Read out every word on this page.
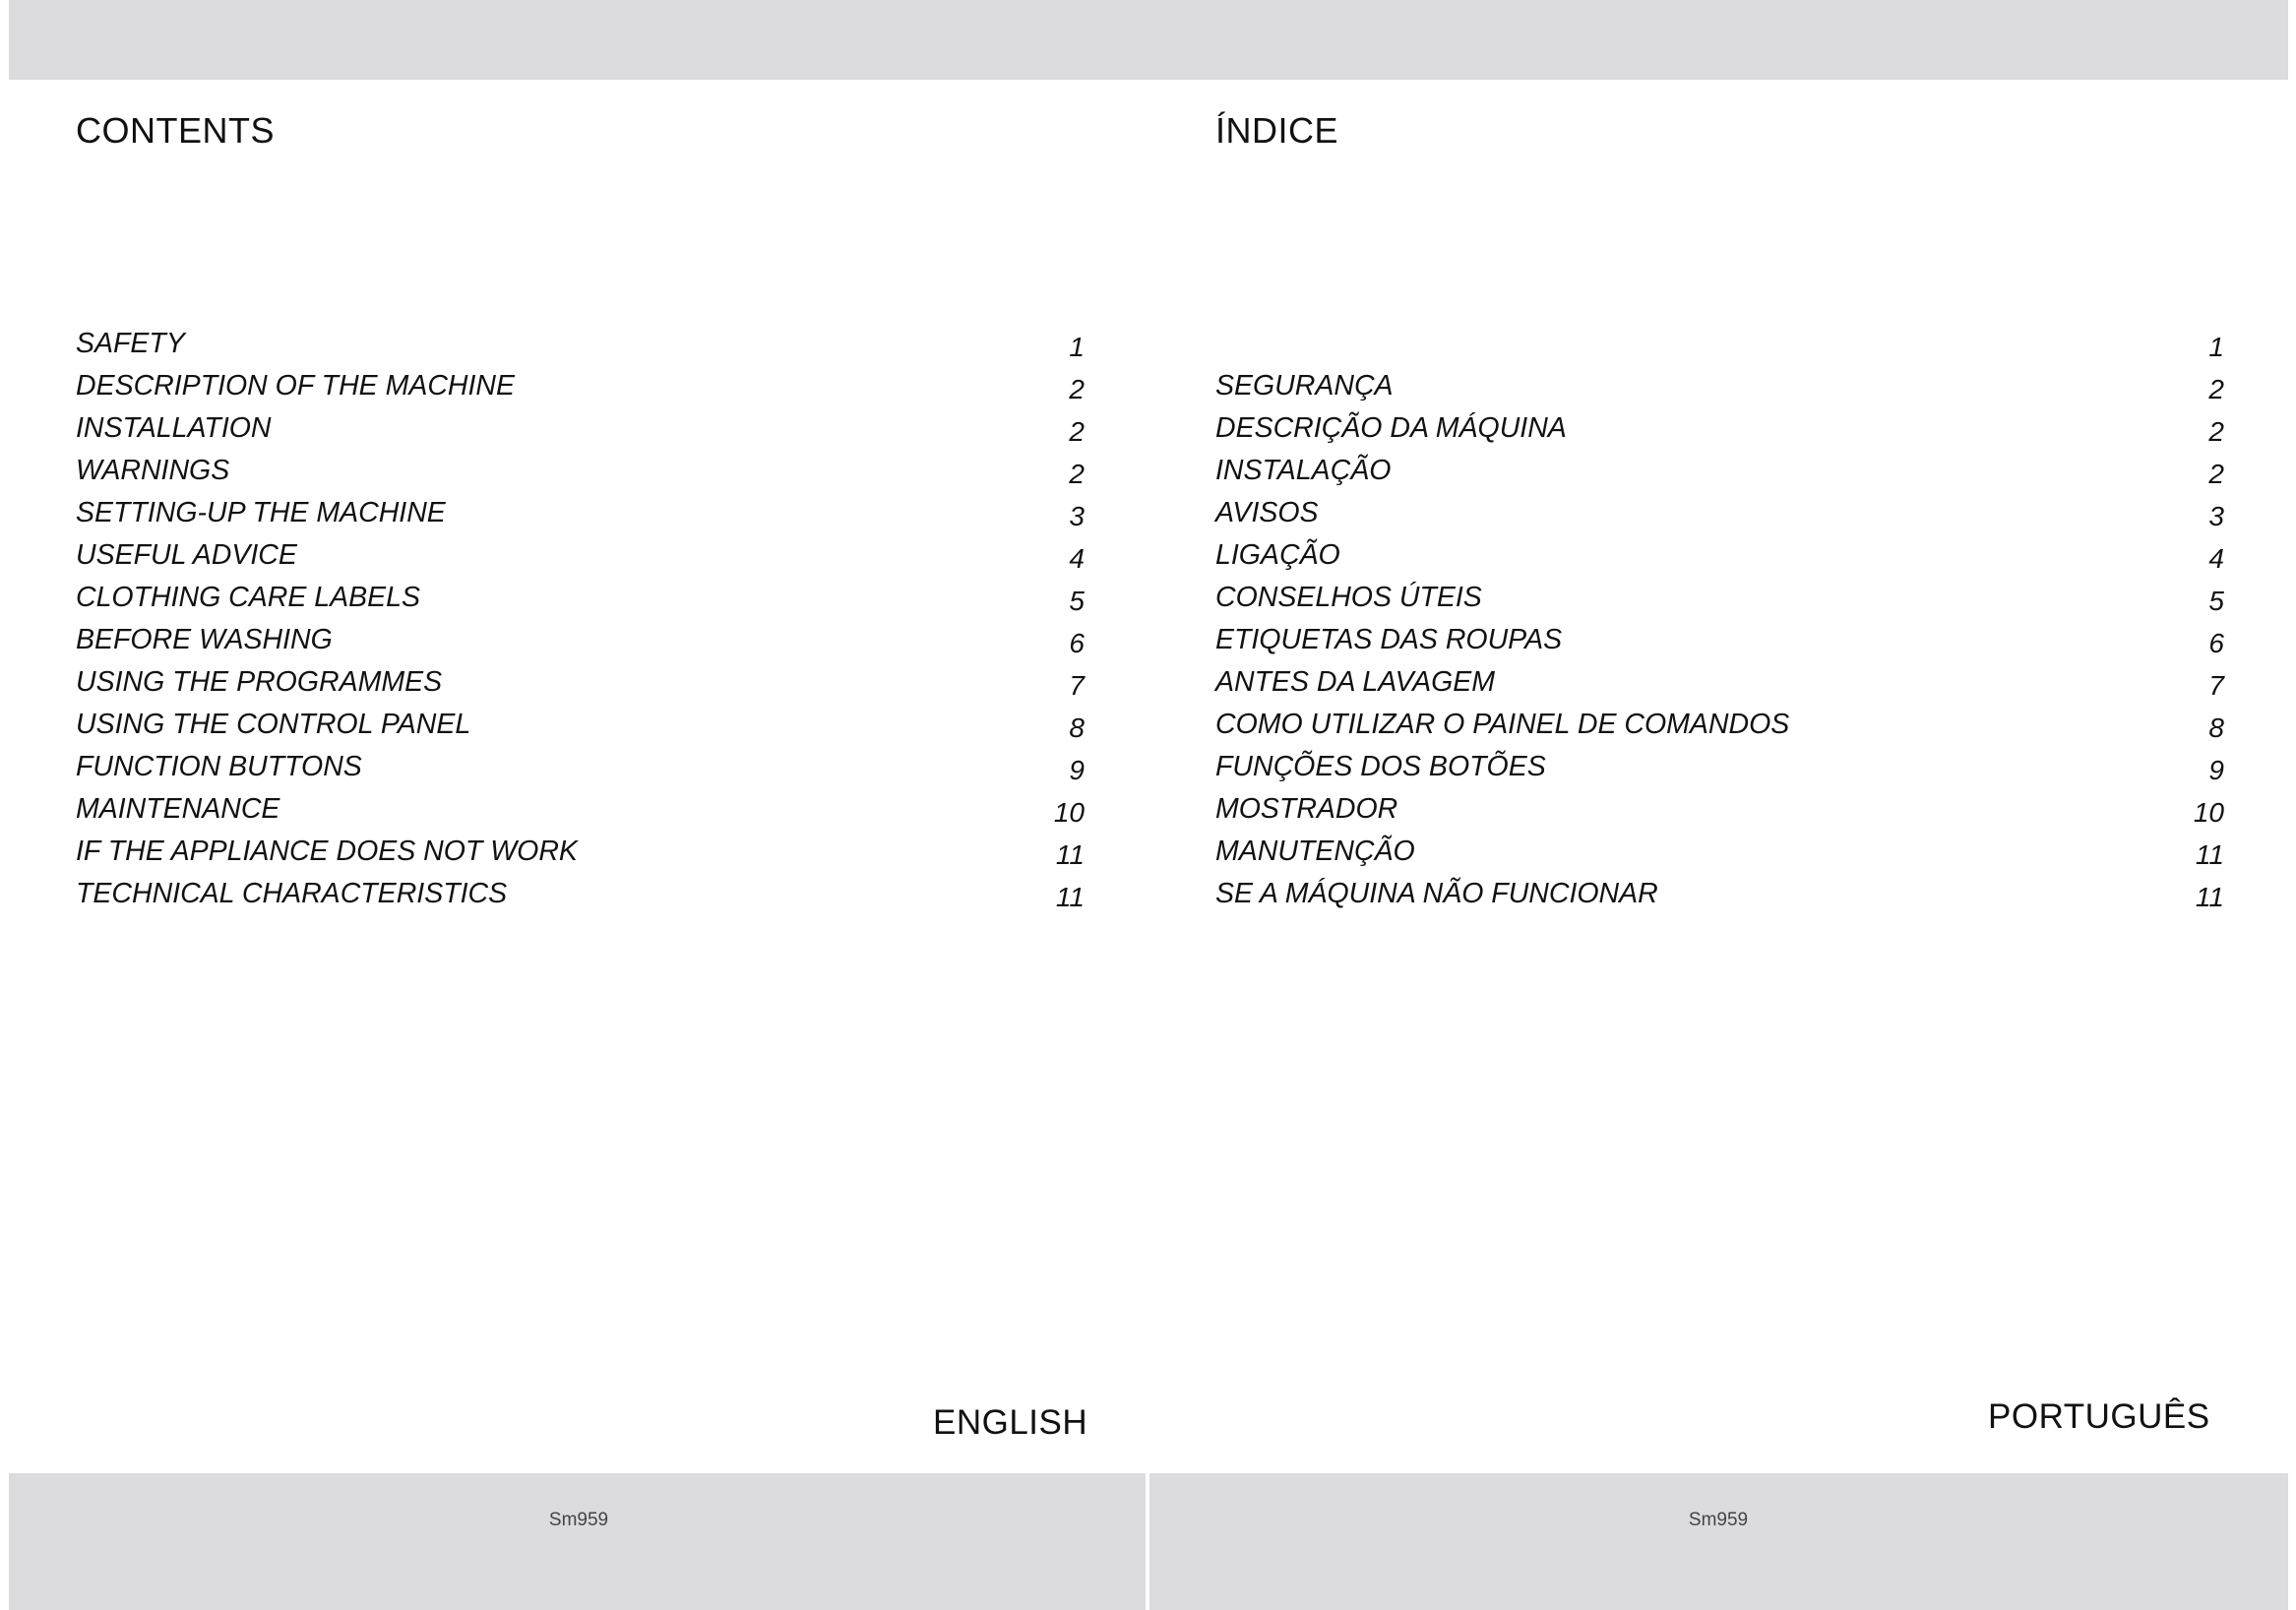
CONTENTS
SAFETY	1
DESCRIPTION OF THE MACHINE	2
INSTALLATION	2
WARNINGS	2
SETTING-UP THE MACHINE	3
USEFUL ADVICE	4
CLOTHING CARE LABELS	5
BEFORE WASHING	6
USING THE PROGRAMMES	7
USING THE CONTROL PANEL	8
FUNCTION BUTTONS	9
MAINTENANCE	10
IF THE APPLIANCE DOES NOT WORK	11
TECHNICAL CHARACTERISTICS	11
ENGLISH
ÍNDICE
1
SEGURANÇA	2
DESCRIÇÃO DA MÁQUINA	2
INSTALAÇÃO	2
AVISOS	3
LIGAÇÃO	4
CONSELHOS ÚTEIS	5
ETIQUETAS DAS ROUPAS	6
ANTES DA LAVAGEM	7
COMO UTILIZAR O PAINEL DE COMANDOS	8
FUNÇÕES DOS BOTÕES	9
MOSTRADOR	10
MANUTENÇÃO	11
SE A MÁQUINA NÃO FUNCIONAR	11
PORTUGUÊS
Sm959	Sm959
